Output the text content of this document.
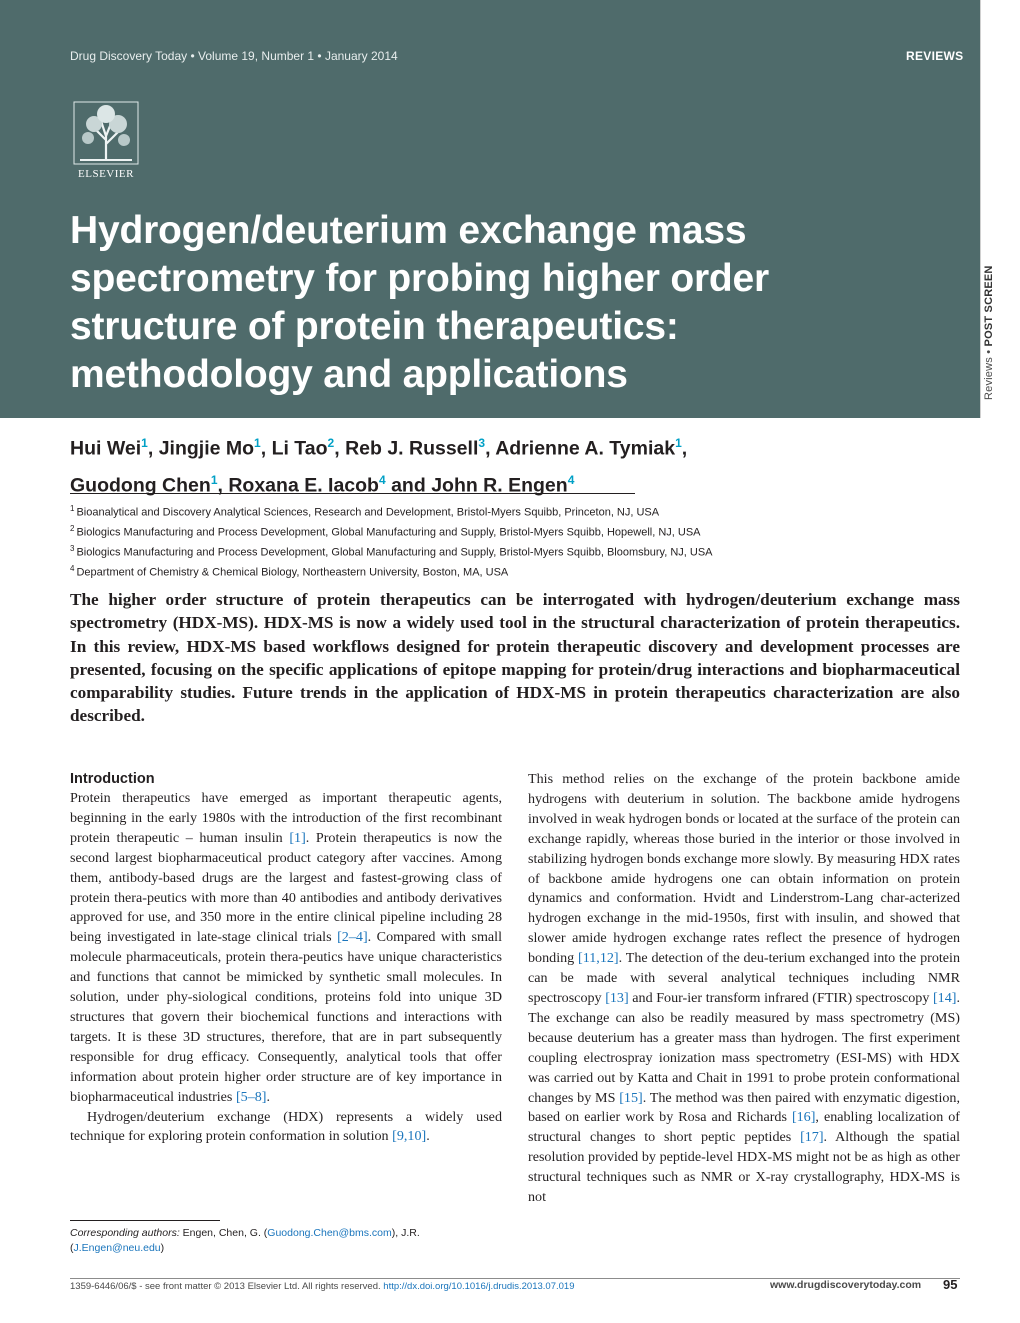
Reviews • POST SCREEN
Drug Discovery Today • Volume 19, Number 1 • January 2014	REVIEWS
ELSEVIER
Hydrogen/deuterium exchange mass
spectrometry for probing higher order
structure of protein therapeutics:
methodology and applications
Hui Wei$^1$, Jingjie Mo$^1$, Li Tao$^2$, Reb J. Russell$^3$, Adrienne A. Tymiak$^1$,
Guodong Chen$^1$, Roxana E. Iacob$^4$ and John R. Engen$^4$
$^1$ Bioanalytical and Discovery Analytical Sciences, Research and Development, Bristol-Myers Squibb, Princeton, NJ, USA
$^2$ Biologics Manufacturing and Process Development, Global Manufacturing and Supply, Bristol-Myers Squibb, Hopewell, NJ, USA
$^3$ Biologics Manufacturing and Process Development, Global Manufacturing and Supply, Bristol-Myers Squibb, Bloomsbury, NJ, USA
$^4$ Department of Chemistry & Chemical Biology, Northeastern University, Boston, MA, USA
The higher order structure of protein therapeutics can be interrogated with hydrogen/deuterium exchange mass spectrometry (HDX-MS). HDX-MS is now a widely used tool in the structural characterization of protein therapeutics. In this review, HDX-MS based workflows designed for protein therapeutic discovery and development processes are presented, focusing on the specific applications of epitope mapping for protein/drug interactions and biopharmaceutical comparability studies. Future trends in the application of HDX-MS in protein therapeutics characterization are also described.
Introduction

Protein therapeutics have emerged as important therapeutic agents, beginning in the early 1980s with the introduction of the first recombinant protein therapeutic – human insulin [1]. Protein therapeutics is now the second largest biopharmaceutical product category after vaccines. Among them, antibody-based drugs are the largest and fastest-growing class of protein thera-peutics with more than 40 antibodies and antibody derivatives approved for use, and 350 more in the entire clinical pipeline including 28 being investigated in late-stage clinical trials [2–4]. Compared with small molecule pharmaceuticals, protein thera-peutics have unique characteristics and functions that cannot be mimicked by synthetic small molecules. In solution, under phy-siological conditions, proteins fold into unique 3D structures that govern their biochemical functions and interactions with targets. It is these 3D structures, therefore, that are in part subsequently responsible for drug efficacy. Consequently, analytical tools that offer information about protein higher order structure are of key importance in biopharmaceutical industries [5–8].

Hydrogen/deuterium exchange (HDX) represents a widely used technique for exploring protein conformation in solution [9,10].

This method relies on the exchange of the protein backbone amide hydrogens with deuterium in solution. The backbone amide hydrogens involved in weak hydrogen bonds or located at the surface of the protein can exchange rapidly, whereas those buried in the interior or those involved in stabilizing hydrogen bonds exchange more slowly. By measuring HDX rates of backbone amide hydrogens one can obtain information on protein dynamics and conformation. Hvidt and Linderstrom-Lang char-acterized hydrogen exchange in the mid-1950s, first with insulin, and showed that slower amide hydrogen exchange rates reflect the presence of hydrogen bonding [11,12]. The detection of the deu-terium exchanged into the protein can be made with several analytical techniques including NMR spectroscopy [13] and Four-ier transform infrared (FTIR) spectroscopy [14]. The exchange can also be readily measured by mass spectrometry (MS) because deuterium has a greater mass than hydrogen. The first experiment coupling electrospray ionization mass spectrometry (ESI-MS) with HDX was carried out by Katta and Chait in 1991 to probe protein conformational changes by MS [15]. The method was then paired with enzymatic digestion, based on earlier work by Rosa and Richards [16], enabling localization of structural changes to short peptic peptides [17]. Although the spatial resolution provided by peptide-level HDX-MS might not be as high as other structural techniques such as NMR or X-ray crystallography, HDX-MS is not

Corresponding authors: Engen, Chen, G. (Guodong.Chen@bms.com), J.R.
(J.Engen@neu.edu)
1359-6446/06/$ - see front matter © 2013 Elsevier Ltd. All rights reserved. http://dx.doi.org/10.1016/j.drudis.2013.07.019	www.drugdiscoverytoday.com 95
